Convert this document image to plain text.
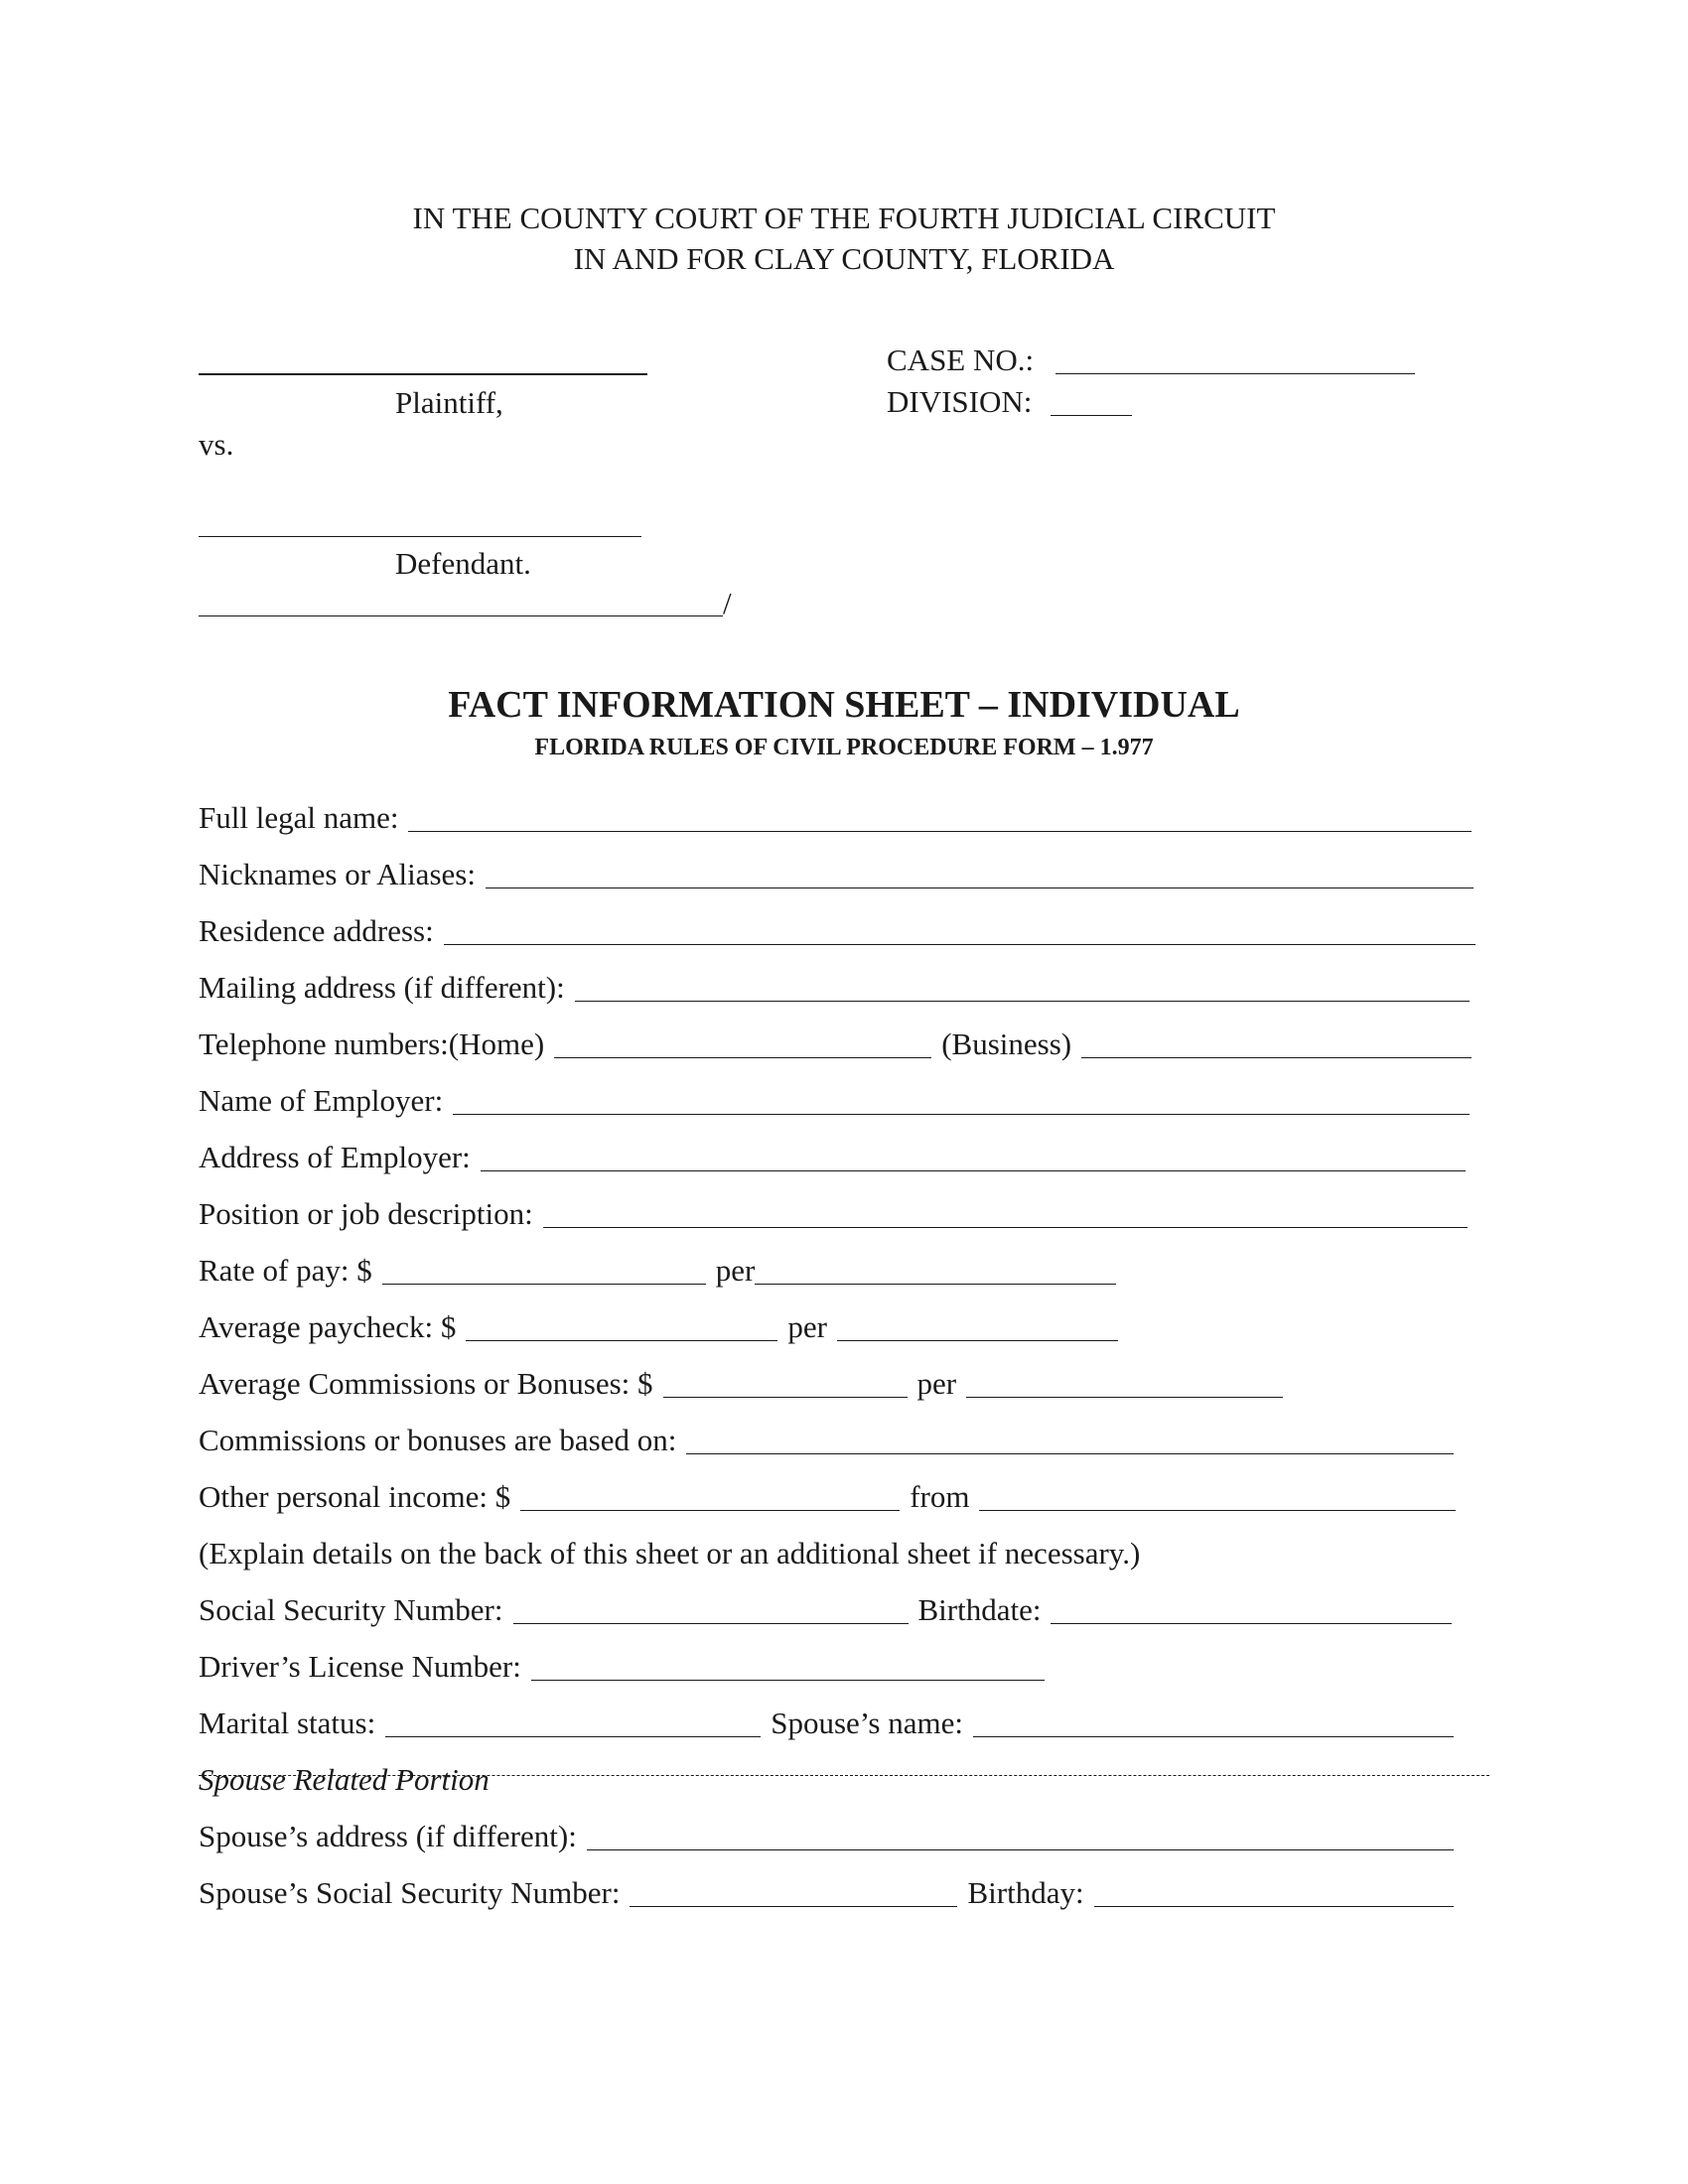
IN THE COUNTY COURT OF THE FOURTH JUDICIAL CIRCUIT
IN AND FOR CLAY COUNTY, FLORIDA
Plaintiff,
vs.
Defendant.
/
CASE NO.:
DIVISION:
FACT INFORMATION SHEET – INDIVIDUAL
FLORIDA RULES OF CIVIL PROCEDURE FORM – 1.977
Full legal name:
Nicknames or Aliases:
Residence address:
Mailing address (if different):
Telephone numbers:(Home)	(Business)
Name of Employer:
Address of Employer:
Position or job description:
Rate of pay: $	per
Average paycheck: $	per
Average Commissions or Bonuses: $	per
Commissions or bonuses are based on:
Other personal income: $	from
(Explain details on the back of this sheet or an additional sheet if necessary.)
Social Security Number:	Birthdate:
Driver’s License Number:
Marital status:	Spouse’s name:
Spouse Related Portion
Spouse’s address (if different):
Spouse’s Social Security Number:	Birthday:
